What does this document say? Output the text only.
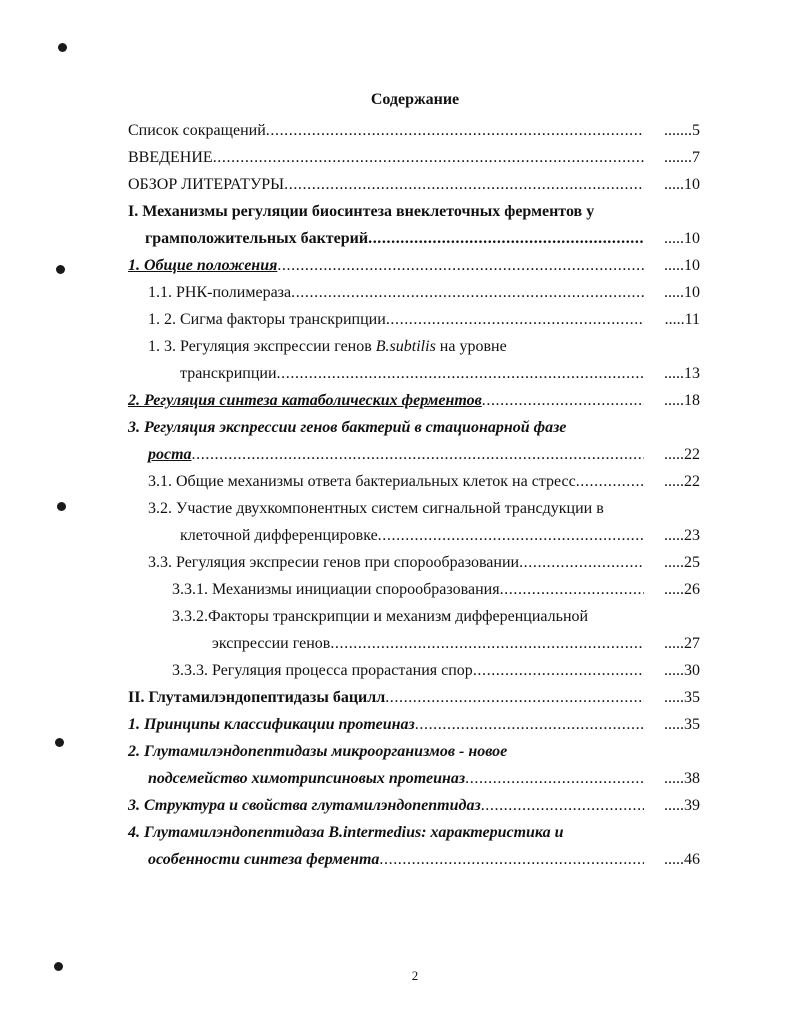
Содержание
Список сокращений .....	.......5
ВВЕДЕНИЕ .....	.......7
ОБЗОР ЛИТЕРАТУРЫ .....	.....10
I. Механизмы регуляции биосинтеза внеклеточных ферментов у
грамположительных бактерий .....	.....10
1. Общие положения .....	.....10
1.1. РНК-полимераза .....	.....10
1. 2. Сигма факторы транскрипции .....	.....11
1. 3. Регуляция экспрессии генов B.subtilis на уровне
транскрипции .....	.....13
2. Регуляция синтеза катаболических ферментов .....	.....18
3. Регуляция экспрессии генов бактерий в стационарной фазе
роста .....	.....22
3.1. Общие механизмы ответа бактериальных клеток на стресс .....	.....22
3.2. Участие двухкомпонентных систем сигнальной трансдукции в
клеточной дифференцировке .....	.....23
3.3. Регуляция экспресии генов при спорообразовании .....	.....25
3.3.1. Механизмы инициации спорообразования .....	.....26
3.3.2.Факторы транскрипции и механизм дифференциальной
экспрессии генов .....	.....27
3.3.3. Регуляция процесса прорастания спор .....	.....30
II. Глутамилэндопептидазы бацилл .....	.....35
1. Принципы классификации протеиназ .....	.....35
2. Глутамилэндопептидазы микроорганизмов - новое
подсемейство химотрипсиновых протеиназ .....	.....38
3. Структура и свойства глутамилэндопептидаз .....	.....39
4. Глутамилэндопептидаза B.intermedius: характеристика и
особенности синтеза фермента .....	.....46
2
